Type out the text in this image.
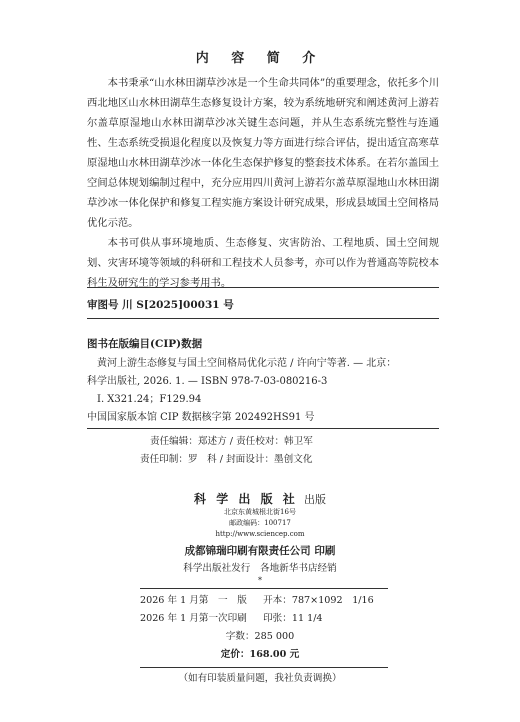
内 容 简 介

本书秉承“山水林田湖草沙冰是一个生命共同体”的重要理念，依托多个川西北地区山水林田湖草生态修复设计方案，较为系统地研究和阐述黄河上游若尔盖草原湿地山水林田湖草沙冰关键生态问题，并从生态系统完整性与连通性、生态系统受损退化程度以及恢复力等方面进行综合评估，提出适宜高寒草原湿地山水林田湖草沙冰一体化生态保护修复的整套技术体系。在若尔盖国土空间总体规划编制过程中，充分应用四川黄河上游若尔盖草原湿地山水林田湖草沙冰一体化保护和修复工程实施方案设计研究成果，形成县域国土空间格局优化示范。

本书可供从事环境地质、生态修复、灾害防治、工程地质、国土空间规划、灾害环境等领域的科研和工程技术人员参考，亦可以作为普通高等院校本科生及研究生的学习参考用书。

审图号 川 S[2025]00031 号
图书在版编目(CIP)数据
黄河上游生态修复与国土空间格局优化示范 / 许向宁等著. — 北京：
科学出版社, 2026. 1. — ISBN 978-7-03-080216-3
Ⅰ. X321.24；F129.94
中国国家版本馆 CIP 数据核字第 202492HS91 号
责任编辑：郑述方 / 责任校对：韩卫军
责任印制：罗　科 / 封面设计：墨创文化
科 学 出 版 社 出版
北京东黄城根北街16号
邮政编码：100717
http://www.sciencep.com
成都锦瑞印刷有限责任公司 印刷
科学出版社发行　各地新华书店经销
*
2026 年 1 月第　一　版 开本：787×1092　1/16
2026 年 1 月第一次印刷 印张：11 1/4
字数：285 000
定价：168.00 元
（如有印装质量问题，我社负责调换）
